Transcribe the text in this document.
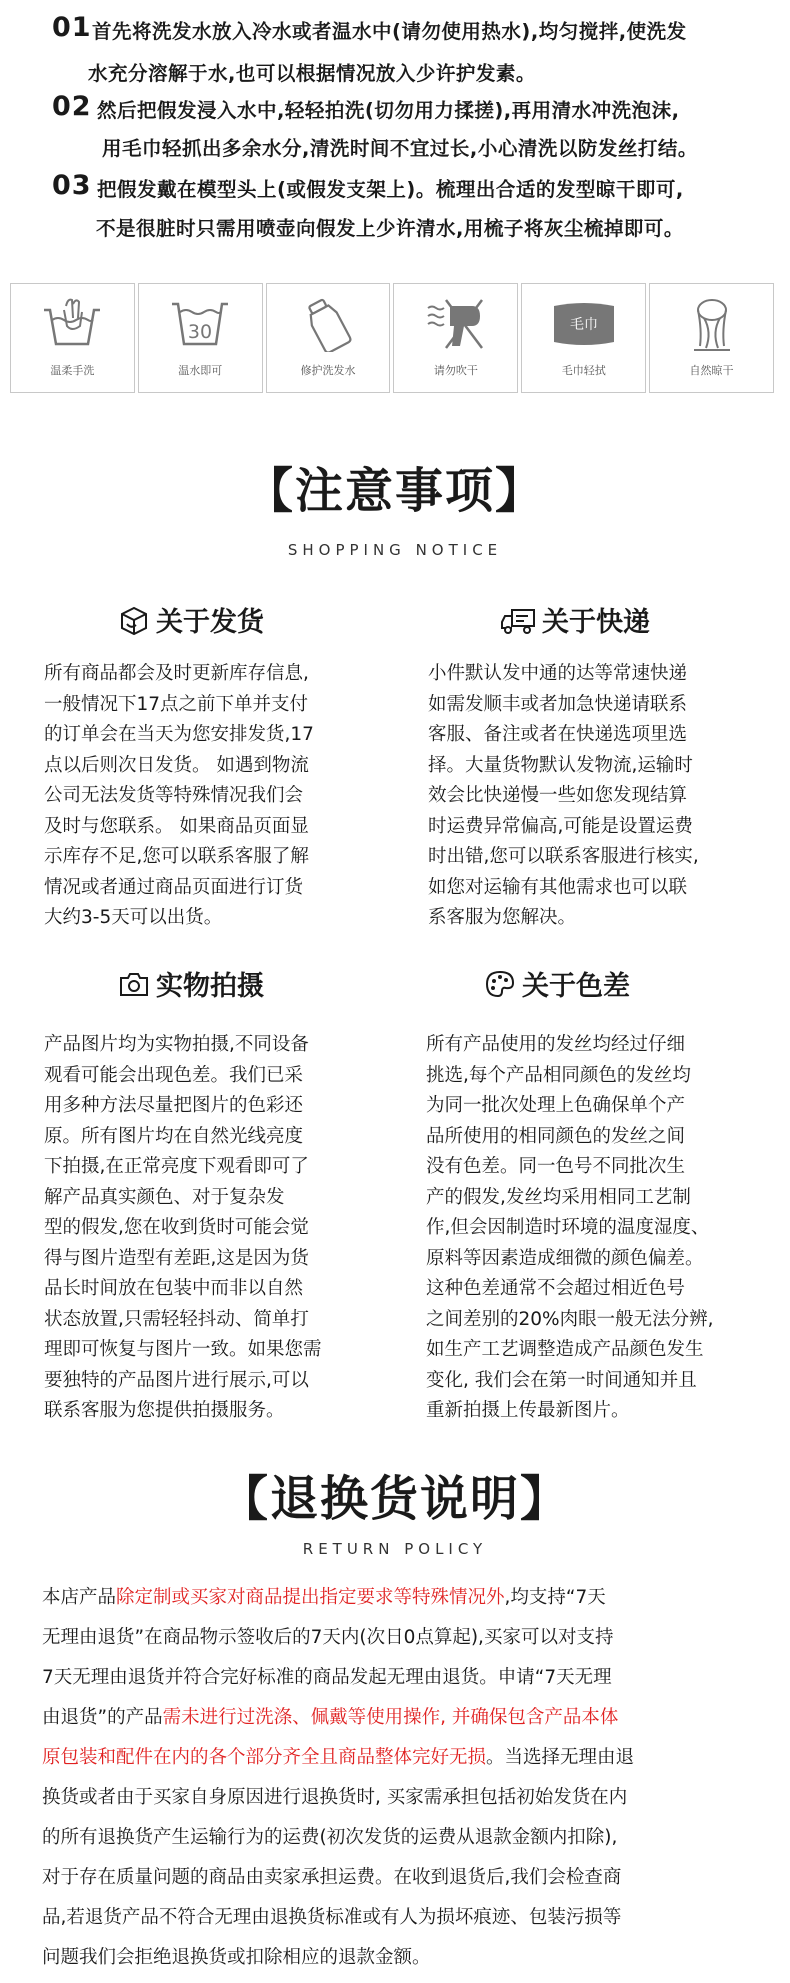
01 首先将洗发水放入冷水或者温水中(请勿使用热水),均匀搅拌,使洗发
水充分溶解于水,也可以根据情况放入少许护发素。
02 然后把假发浸入水中,轻轻拍洗(切勿用力揉搓),再用清水冲洗泡沫,
用毛巾轻抓出多余水分,清洗时间不宜过长,小心清洗以防发丝打结。
03 把假发戴在模型头上(或假发支架上)。梳理出合适的发型晾干即可,
不是很脏时只需用喷壶向假发上少许清水,用梳子将灰尘梳掉即可。
温柔手洗
30
温水即可	修护洗发水	请勿吹干
毛巾
毛巾轻拭	自然晾干
【注意事项】
SHOPPING NOTICE
关于发货
所有商品都会及时更新库存信息,
一般情况下17点之前下单并支付
的订单会在当天为您安排发货,17
点以后则次日发货。 如遇到物流
公司无法发货等特殊情况我们会
及时与您联系。 如果商品页面显
示库存不足,您可以联系客服了解
情况或者通过商品页面进行订货
大约3-5天可以出货。
关于快递
小件默认发中通的达等常速快递
如需发顺丰或者加急快递请联系
客服、备注或者在快递选项里选
择。大量货物默认发物流,运输时
效会比快递慢一些如您发现结算
时运费异常偏高,可能是设置运费
时出错,您可以联系客服进行核实,
如您对运输有其他需求也可以联
系客服为您解决。
实物拍摄
产品图片均为实物拍摄,不同设备
观看可能会出现色差。我们已采
用多种方法尽量把图片的色彩还
原。所有图片均在自然光线亮度
下拍摄,在正常亮度下观看即可了
解产品真实颜色、对于复杂发
型的假发,您在收到货时可能会觉
得与图片造型有差距,这是因为货
品长时间放在包装中而非以自然
状态放置,只需轻轻抖动、简单打
理即可恢复与图片一致。如果您需
要独特的产品图片进行展示,可以
联系客服为您提供拍摄服务。
关于色差
所有产品使用的发丝均经过仔细
挑选,每个产品相同颜色的发丝均
为同一批次处理上色确保单个产
品所使用的相同颜色的发丝之间
没有色差。同一色号不同批次生
产的假发,发丝均采用相同工艺制
作,但会因制造时环境的温度湿度、
原料等因素造成细微的颜色偏差。
这种色差通常不会超过相近色号
之间差别的20%肉眼一般无法分辨,
如生产工艺调整造成产品颜色发生
变化, 我们会在第一时间通知并且
重新拍摄上传最新图片。
【退换货说明】
RETURN POLICY
本店产品除定制或买家对商品提出指定要求等特殊情况外,均支持“7天
无理由退货”在商品物示签收后的7天内(次日0点算起),买家可以对支持
7天无理由退货并符合完好标准的商品发起无理由退货。申请“7天无理
由退货”的产品需未进行过洗涤、佩戴等使用操作, 并确保包含产品本体
原包装和配件在内的各个部分齐全且商品整体完好无损。当选择无理由退
换货或者由于买家自身原因进行退换货时, 买家需承担包括初始发货在内
的所有退换货产生运输行为的运费(初次发货的运费从退款金额内扣除),
对于存在质量问题的商品由卖家承担运费。在收到退货后,我们会检查商
品,若退货产品不符合无理由退换货标准或有人为损坏痕迹、包装污损等
问题我们会拒绝退换货或扣除相应的退款金额。
